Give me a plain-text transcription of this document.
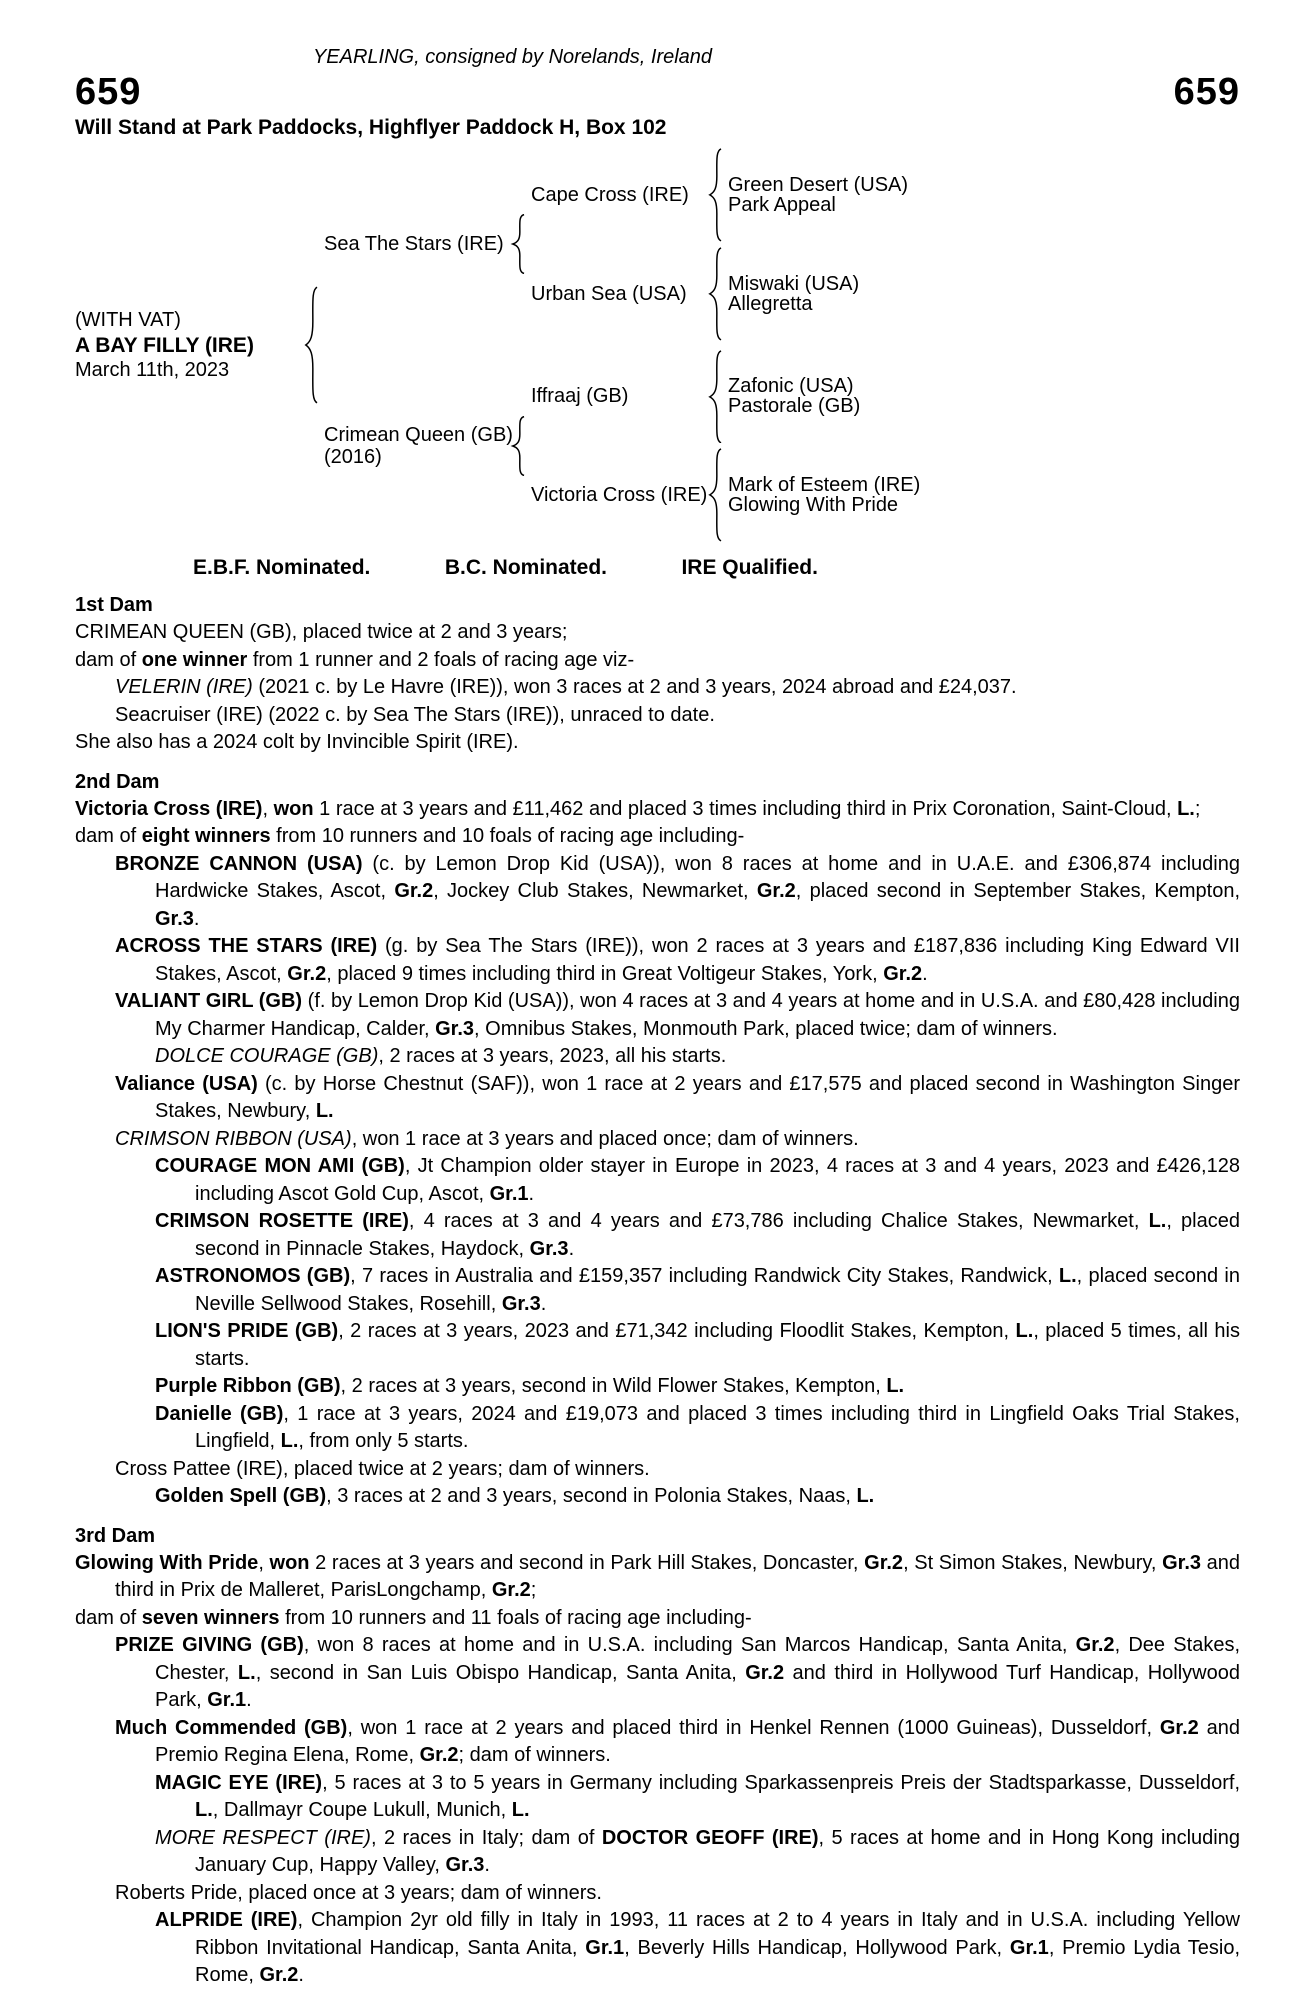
YEARLING, consigned by Norelands, Ireland
659	659
Will Stand at Park Paddocks, Highflyer Paddock H, Box 102
(WITH VAT)
A BAY FILLY (IRE)
March 11th, 2023
Sea The Stars (IRE)
Cape Cross (IRE)	Green Desert (USA)
Park Appeal
Urban Sea (USA)	Miswaki (USA)
Allegretta
Crimean Queen (GB)
(2016)
Iffraaj (GB)	Zafonic (USA)
Pastorale (GB)
Victoria Cross (IRE)	Mark of Esteem (IRE)
Glowing With Pride
E.B.F. Nominated.	B.C. Nominated.	IRE Qualified.
1st Dam

CRIMEAN QUEEN (GB), placed twice at 2 and 3 years;

dam of one winner from 1 runner and 2 foals of racing age viz-

VELERIN (IRE) (2021 c. by Le Havre (IRE)), won 3 races at 2 and 3 years, 2024 abroad and £24,037.

Seacruiser (IRE) (2022 c. by Sea The Stars (IRE)), unraced to date.

She also has a 2024 colt by Invincible Spirit (IRE).

2nd Dam

Victoria Cross (IRE), won 1 race at 3 years and £11,462 and placed 3 times including third in Prix Coronation, Saint-Cloud, L.;

dam of eight winners from 10 runners and 10 foals of racing age including-

BRONZE CANNON (USA) (c. by Lemon Drop Kid (USA)), won 8 races at home and in U.A.E. and £306,874 including Hardwicke Stakes, Ascot, Gr.2, Jockey Club Stakes, Newmarket, Gr.2, placed second in September Stakes, Kempton, Gr.3.

ACROSS THE STARS (IRE) (g. by Sea The Stars (IRE)), won 2 races at 3 years and £187,836 including King Edward VII Stakes, Ascot, Gr.2, placed 9 times including third in Great Voltigeur Stakes, York, Gr.2.

VALIANT GIRL (GB) (f. by Lemon Drop Kid (USA)), won 4 races at 3 and 4 years at home and in U.S.A. and £80,428 including My Charmer Handicap, Calder, Gr.3, Omnibus Stakes, Monmouth Park, placed twice; dam of winners.

DOLCE COURAGE (GB), 2 races at 3 years, 2023, all his starts.

Valiance (USA) (c. by Horse Chestnut (SAF)), won 1 race at 2 years and £17,575 and placed second in Washington Singer Stakes, Newbury, L.

CRIMSON RIBBON (USA), won 1 race at 3 years and placed once; dam of winners.

COURAGE MON AMI (GB), Jt Champion older stayer in Europe in 2023, 4 races at 3 and 4 years, 2023 and £426,128 including Ascot Gold Cup, Ascot, Gr.1.

CRIMSON ROSETTE (IRE), 4 races at 3 and 4 years and £73,786 including Chalice Stakes, Newmarket, L., placed second in Pinnacle Stakes, Haydock, Gr.3.

ASTRONOMOS (GB), 7 races in Australia and £159,357 including Randwick City Stakes, Randwick, L., placed second in Neville Sellwood Stakes, Rosehill, Gr.3.

LION'S PRIDE (GB), 2 races at 3 years, 2023 and £71,342 including Floodlit Stakes, Kempton, L., placed 5 times, all his starts.

Purple Ribbon (GB), 2 races at 3 years, second in Wild Flower Stakes, Kempton, L.

Danielle (GB), 1 race at 3 years, 2024 and £19,073 and placed 3 times including third in Lingfield Oaks Trial Stakes, Lingfield, L., from only 5 starts.

Cross Pattee (IRE), placed twice at 2 years; dam of winners.

Golden Spell (GB), 3 races at 2 and 3 years, second in Polonia Stakes, Naas, L.

3rd Dam

Glowing With Pride, won 2 races at 3 years and second in Park Hill Stakes, Doncaster, Gr.2, St Simon Stakes, Newbury, Gr.3 and third in Prix de Malleret, ParisLongchamp, Gr.2;

dam of seven winners from 10 runners and 11 foals of racing age including-

PRIZE GIVING (GB), won 8 races at home and in U.S.A. including San Marcos Handicap, Santa Anita, Gr.2, Dee Stakes, Chester, L., second in San Luis Obispo Handicap, Santa Anita, Gr.2 and third in Hollywood Turf Handicap, Hollywood Park, Gr.1.

Much Commended (GB), won 1 race at 2 years and placed third in Henkel Rennen (1000 Guineas), Dusseldorf, Gr.2 and Premio Regina Elena, Rome, Gr.2; dam of winners.

MAGIC EYE (IRE), 5 races at 3 to 5 years in Germany including Sparkassenpreis Preis der Stadtsparkasse, Dusseldorf, L., Dallmayr Coupe Lukull, Munich, L.

MORE RESPECT (IRE), 2 races in Italy; dam of DOCTOR GEOFF (IRE), 5 races at home and in Hong Kong including January Cup, Happy Valley, Gr.3.

Roberts Pride, placed once at 3 years; dam of winners.

ALPRIDE (IRE), Champion 2yr old filly in Italy in 1993, 11 races at 2 to 4 years in Italy and in U.S.A. including Yellow Ribbon Invitational Handicap, Santa Anita, Gr.1, Beverly Hills Handicap, Hollywood Park, Gr.1, Premio Lydia Tesio, Rome, Gr.2.
